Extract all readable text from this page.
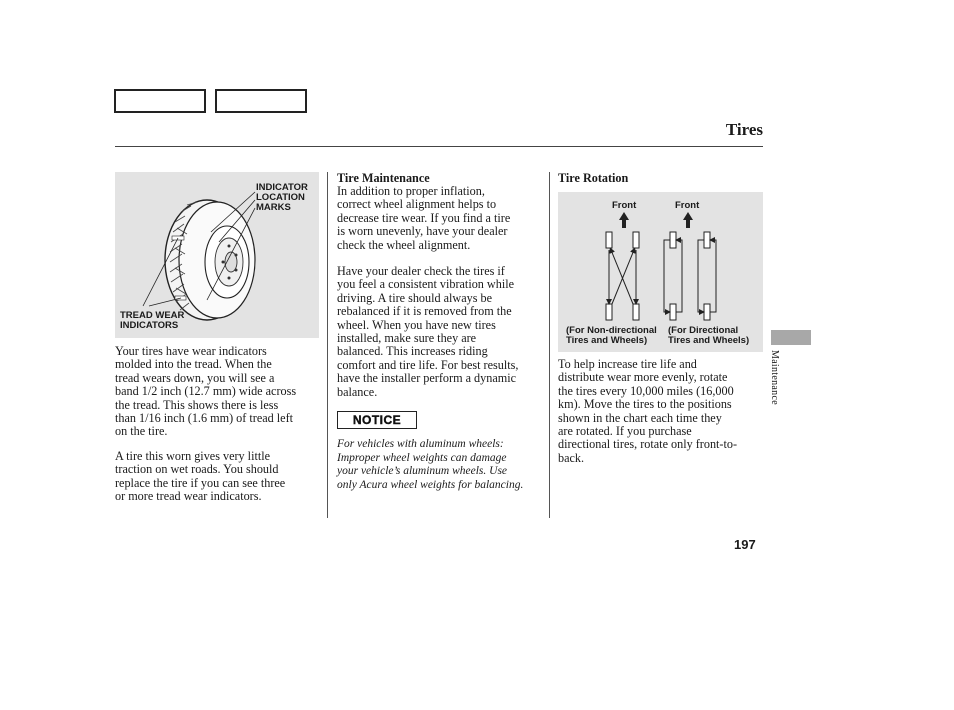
Tires
INDICATOR
LOCATION
MARKS
TREAD WEAR
INDICATORS

Your tires have wear indicators
molded into the tread. When the
tread wears down, you will see a
band 1/2 inch (12.7 mm) wide across
the tread. This shows there is less
than 1/16 inch (1.6 mm) of tread left
on the tire.

A tire this worn gives very little
traction on wet roads. You should
replace the tire if you can see three
or more tread wear indicators.

Tire Maintenance

In addition to proper inflation,
correct wheel alignment helps to
decrease tire wear. If you find a tire
is worn unevenly, have your dealer
check the wheel alignment.

Have your dealer check the tires if
you feel a consistent vibration while
driving. A tire should always be
rebalanced if it is removed from the
wheel. When you have new tires
installed, make sure they are
balanced. This increases riding
comfort and tire life. For best results,
have the installer perform a dynamic
balance.

NOTICE

For vehicles with aluminum wheels:

Improper wheel weights can damage
your vehicle’s aluminum wheels. Use
only Acura wheel weights for balancing.

Tire Rotation
Front	Front
(For Non-directional
Tires and Wheels)
(For Directional
Tires and Wheels)

To help increase tire life and
distribute wear more evenly, rotate
the tires every 10,000 miles (16,000
km). Move the tires to the positions
shown in the chart each time they
are rotated. If you purchase
directional tires, rotate only front-to-
back.

Maintenance
197
